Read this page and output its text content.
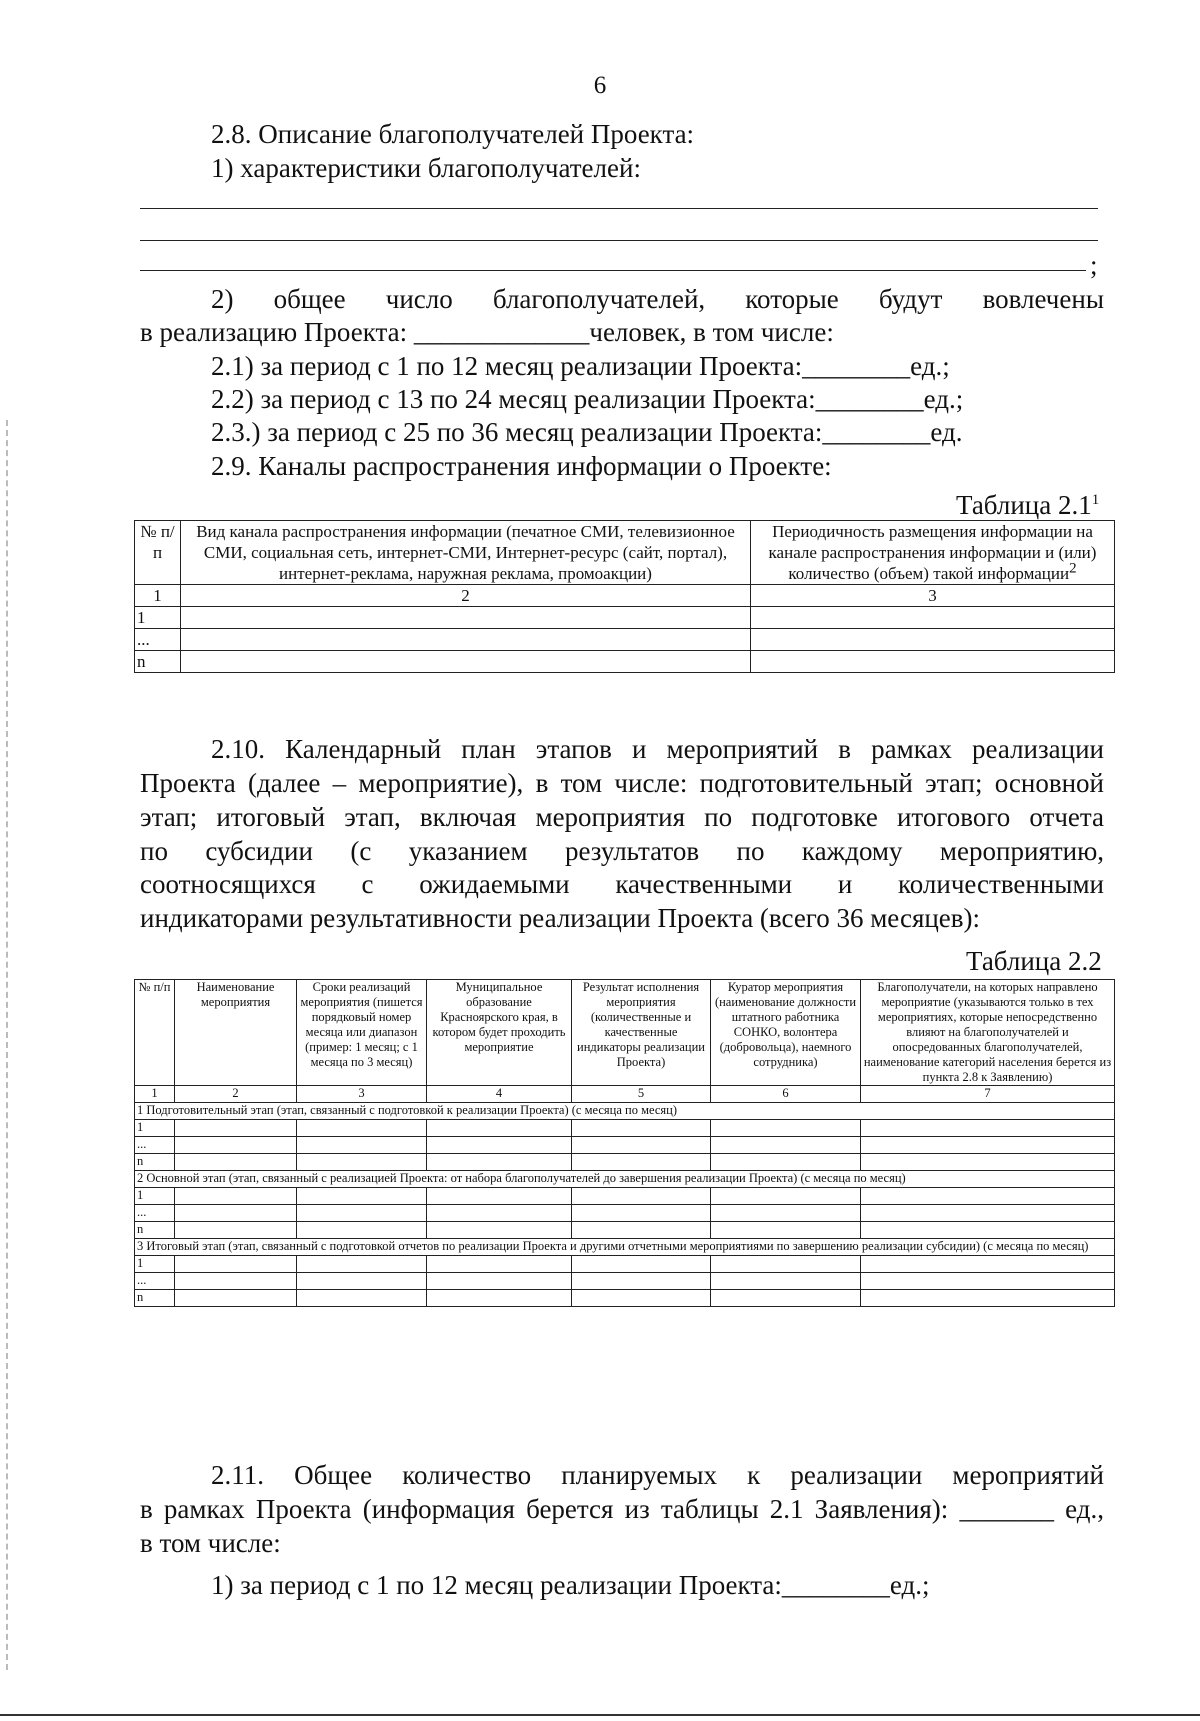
6
2.8. Описание благополучателей Проекта:
1) характеристики благополучателей:
;
2) общее число благополучателей, которые будут вовлечены
в реализацию Проекта: _____________человек, в том числе:
2.1) за период с 1 по 12 месяц реализации Проекта:________ед.;
2.2) за период с 13 по 24 месяц реализации Проекта:________ед.;
2.3.) за период с 25 по 36 месяц реализации Проекта:________ед.
2.9. Каналы распространения информации о Проекте:
Таблица $2.1^1$
№ п/п	Вид канала распространения информации (печатное СМИ, телевизионное СМИ, социальная сеть, интернет-СМИ, Интернет-ресурс (сайт, портал), интернет-реклама, наружная реклама, промоакции)	Периодичность размещения информации на канале распространения информации и (или) количество (объем) такой информации$^2$
1	2	3
1		
...		
n		
2.10. Календарный план этапов и мероприятий в рамках реализации
Проекта (далее – мероприятие), в том числе: подготовительный этап; основной
этап; итоговый этап, включая мероприятия по подготовке итогового отчета
по субсидии (с указанием результатов по каждому мероприятию,
соотносящихся с ожидаемыми качественными и количественными
индикаторами результативности реализации Проекта (всего 36 месяцев):
Таблица 2.2
№ п/п	Наименование мероприятия	Сроки реализаций мероприятия (пишется порядковый номер месяца или диапазон (пример: 1 месяц; с 1 месяца по 3 месяц)	Муниципальное образование Красноярского края, в котором будет проходить мероприятие	Результат исполнения мероприятия (количественные и качественные индикаторы реализации Проекта)	Куратор мероприятия (наименование должности штатного работника СОНКО, волонтера (добровольца), наемного сотрудника)	Благополучатели, на которых направлено мероприятие (указываются только в тех мероприятиях, которые непосредственно влияют на благополучателей и опосредованных благополучателей, наименование категорий населения берется из пункта 2.8 к Заявлению)
1	2	3	4	5	6	7
1 Подготовительный этап (этап, связанный с подготовкой к реализации Проекта) (с месяца по месяц)						
1						
...						
n						
2 Основной этап (этап, связанный с реализацией Проекта: от набора благополучателей до завершения реализации Проекта) (с месяца по месяц)						
1						
...						
n						
3 Итоговый этап (этап, связанный с подготовкой отчетов по реализации Проекта и другими отчетными мероприятиями по завершению реализации субсидии) (с месяца по месяц)						
1						
...						
n						
2.11. Общее количество планируемых к реализации мероприятий
в рамках Проекта (информация берется из таблицы 2.1 Заявления): _______ ед.,
в том числе:
1) за период с 1 по 12 месяц реализации Проекта:________ед.;
